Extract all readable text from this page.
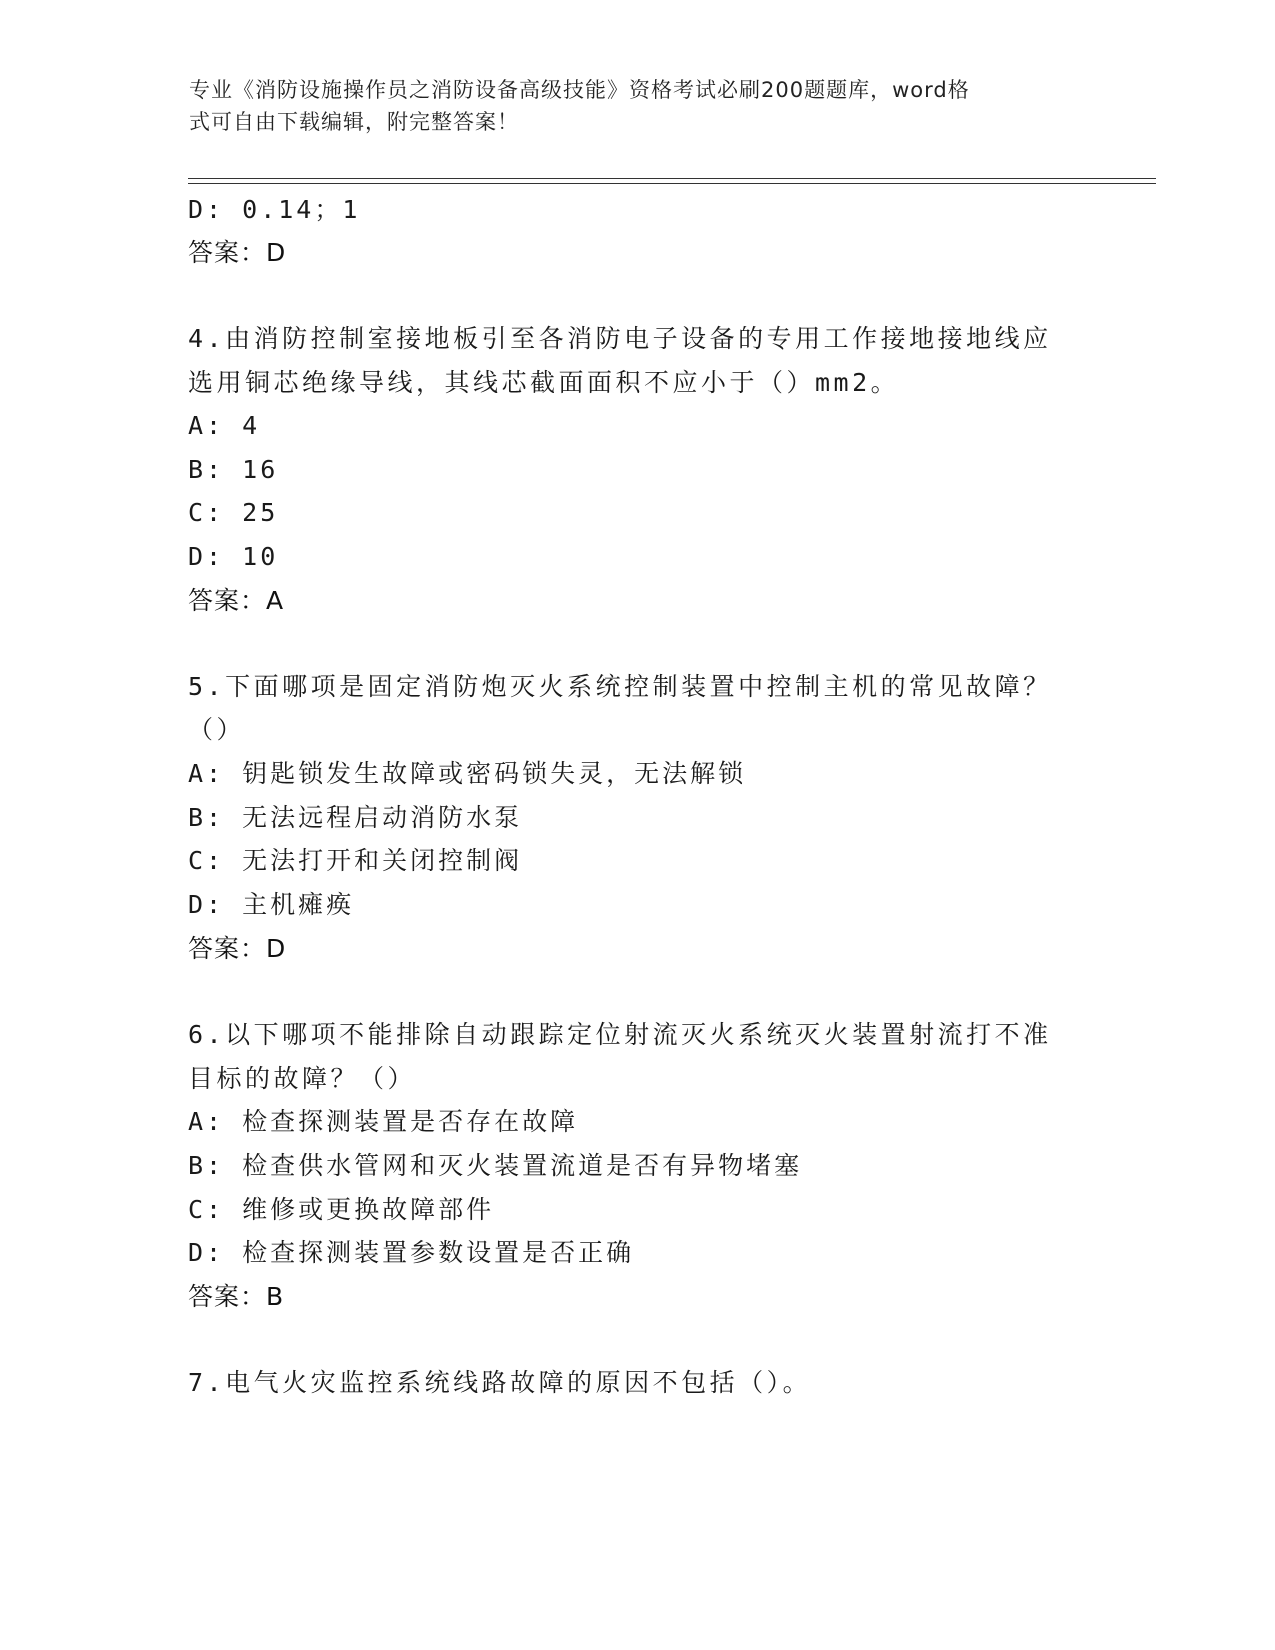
专业《消防设施操作员之消防设备高级技能》资格考试必刷200题题库，word格
式可自由下载编辑，附完整答案！
D: 0.14；1
答案：D
4.由消防控制室接地板引至各消防电子设备的专用工作接地接地线应
选用铜芯绝缘导线，其线芯截面面积不应小于（）mm2。
A: 4
B: 16
C: 25
D: 10
答案：A
5.下面哪项是固定消防炮灭火系统控制装置中控制主机的常见故障？
（）
A: 钥匙锁发生故障或密码锁失灵，无法解锁
B: 无法远程启动消防水泵
C: 无法打开和关闭控制阀
D: 主机瘫痪
答案：D
6.以下哪项不能排除自动跟踪定位射流灭火系统灭火装置射流打不准
目标的故障？（）
A: 检查探测装置是否存在故障
B: 检查供水管网和灭火装置流道是否有异物堵塞
C: 维修或更换故障部件
D: 检查探测装置参数设置是否正确
答案：B
7.电气火灾监控系统线路故障的原因不包括（）。
